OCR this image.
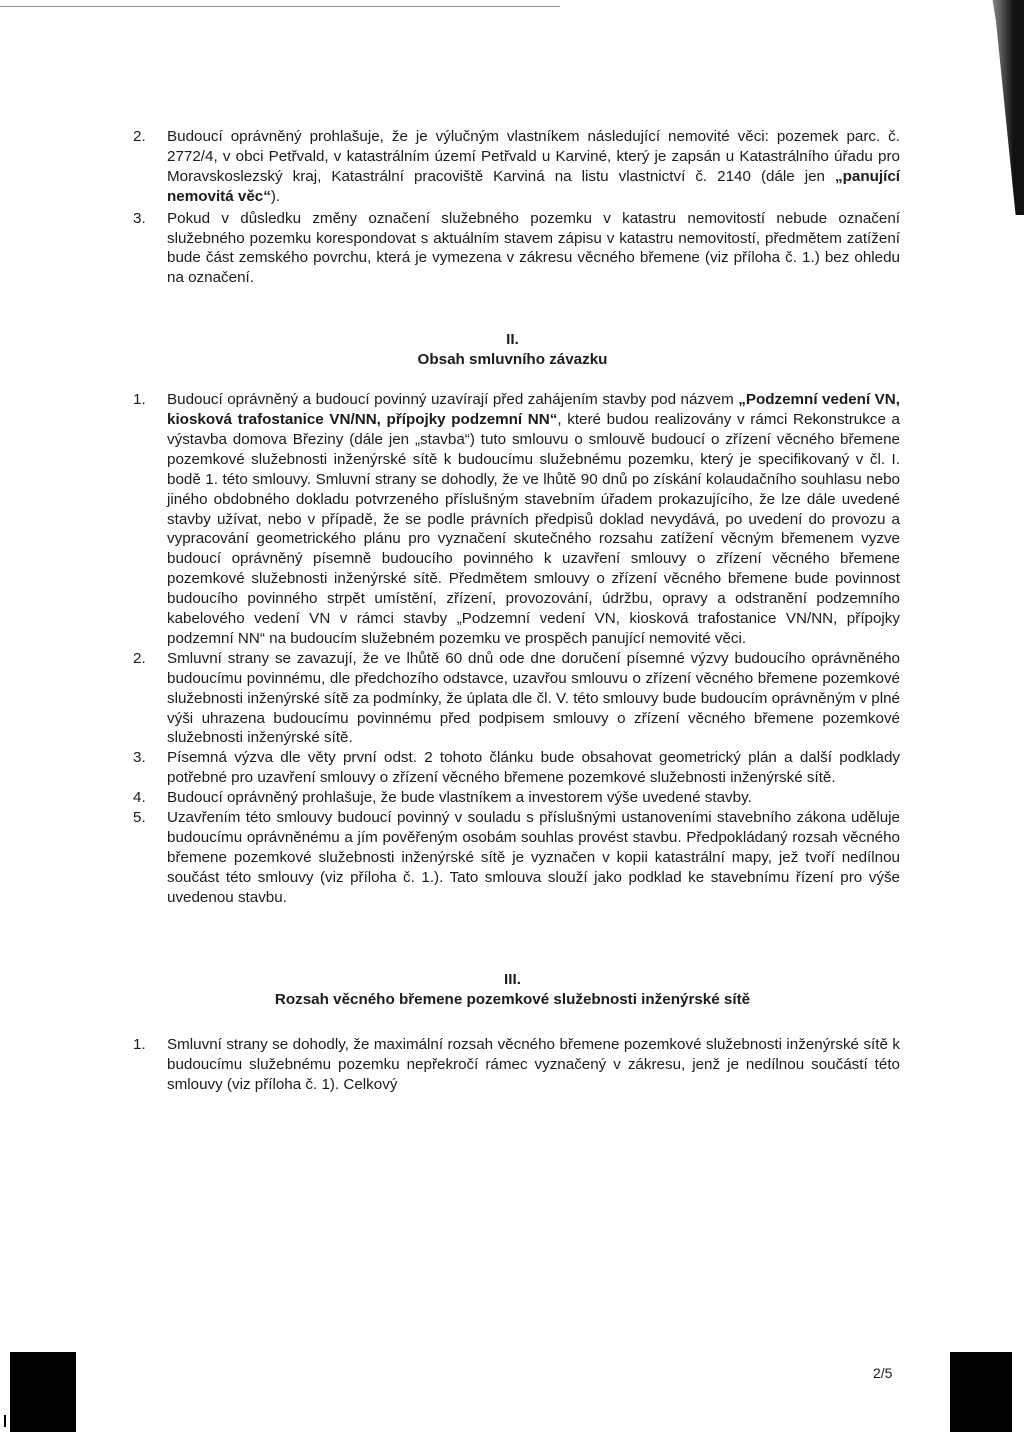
2. Budoucí oprávněný prohlašuje, že je výlučným vlastníkem následující nemovité věci: pozemek parc. č. 2772/4, v obci Petřvald, v katastrálním území Petřvald u Karviné, který je zapsán u Katastrálního úřadu pro Moravskoslezský kraj, Katastrální pracoviště Karviná na listu vlastnictví č. 2140 (dále jen „panující nemovitá věc“).
3. Pokud v důsledku změny označení služebného pozemku v katastru nemovitostí nebude označení služebného pozemku korespondovat s aktuálním stavem zápisu v katastru nemovitostí, předmětem zatížení bude část zemského povrchu, která je vymezena v zákresu věcného břemene (viz příloha č. 1.) bez ohledu na označení.
II.
Obsah smluvního závazku
1. Budoucí oprávněný a budoucí povinný uzavírají před zahájením stavby pod názvem „Podzemní vedení VN, kiosková trafostanice VN/NN, přípojky podzemní NN“, které budou realizovány v rámci Rekonstrukce a výstavba domova Březiny (dále jen „stavba“) tuto smlouvu o smlouvě budoucí o zřízení věcného břemene pozemkové služebnosti inženýrské sítě k budoucímu služebnému pozemku, který je specifikovaný v čl. I. bodě 1. této smlouvy. Smluvní strany se dohodly, že ve lhůtě 90 dnů po získání kolaudačního souhlasu nebo jiného obdobného dokladu potvrzeného příslušným stavebním úřadem prokazujícího, že lze dále uvedené stavby užívat, nebo v případě, že se podle právních předpisů doklad nevydává, po uvedení do provozu a vypracování geometrického plánu pro vyznačení skutečného rozsahu zatížení věcným břemenem vyzve budoucí oprávněný písemně budoucího povinného k uzavření smlouvy o zřízení věcného břemene pozemkové služebnosti inženýrské sítě. Předmětem smlouvy o zřízení věcného břemene bude povinnost budoucího povinného strpět umístění, zřízení, provozování, údržbu, opravy a odstranění podzemního kabelového vedení VN v rámci stavby „Podzemní vedení VN, kiosková trafostanice VN/NN, přípojky podzemní NN“ na budoucím služebném pozemku ve prospěch panující nemovité věci.
2. Smluvní strany se zavazují, že ve lhůtě 60 dnů ode dne doručení písemné výzvy budoucího oprávněného budoucímu povinnému, dle předchozího odstavce, uzavřou smlouvu o zřízení věcného břemene pozemkové služebnosti inženýrské sítě za podmínky, že úplata dle čl. V. této smlouvy bude budoucím oprávněným v plné výši uhrazena budoucímu povinnému před podpisem smlouvy o zřízení věcného břemene pozemkové služebnosti inženýrské sítě.
3. Písemná výzva dle věty první odst. 2 tohoto článku bude obsahovat geometrický plán a další podklady potřebné pro uzavření smlouvy o zřízení věcného břemene pozemkové služebnosti inženýrské sítě.
4. Budoucí oprávněný prohlašuje, že bude vlastníkem a investorem výše uvedené stavby.
5. Uzavřením této smlouvy budoucí povinný v souladu s příslušnými ustanoveními stavebního zákona uděluje budoucímu oprávněnému a jím pověřeným osobám souhlas provést stavbu. Předpokládaný rozsah věcného břemene pozemkové služebnosti inženýrské sítě je vyznačen v kopii katastrální mapy, jež tvoří nedílnou součást této smlouvy (viz příloha č. 1.). Tato smlouva slouží jako podklad ke stavebnímu řízení pro výše uvedenou stavbu.
III.
Rozsah věcného břemene pozemkové služebnosti inženýrské sítě
1. Smluvní strany se dohodly, že maximální rozsah věcného břemene pozemkové služebnosti inženýrské sítě k budoucímu služebnému pozemku nepřekročí rámec vyznačený v zákresu, jenž je nedílnou součástí této smlouvy (viz příloha č. 1). Celkový
2/5
